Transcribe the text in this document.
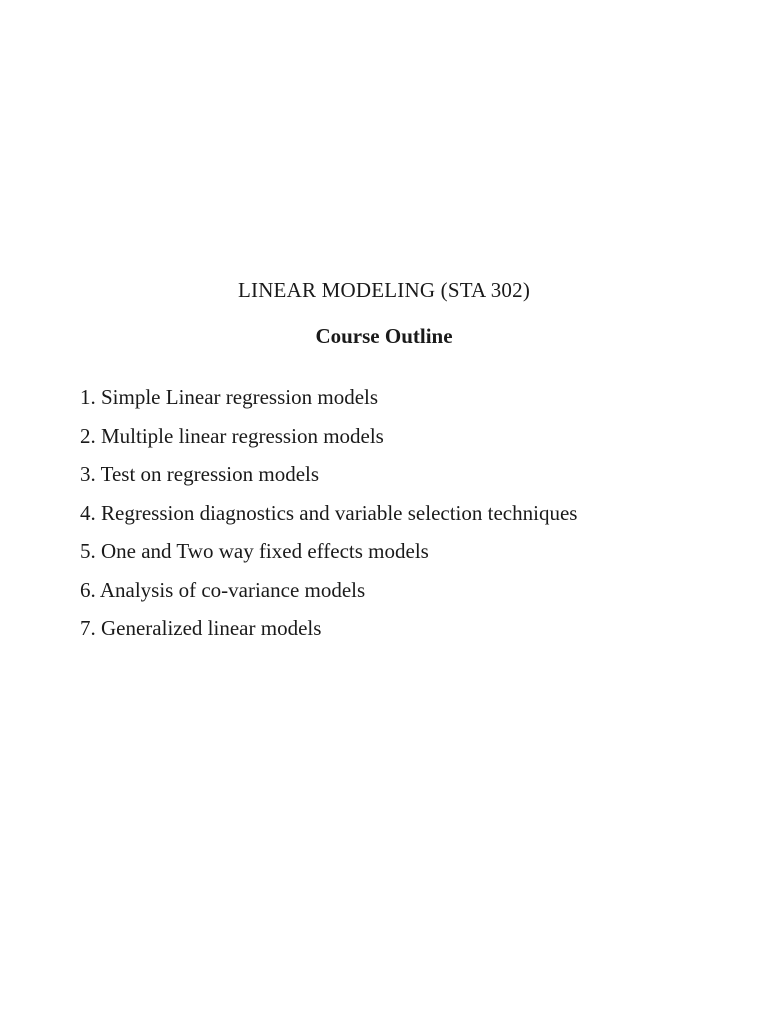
LINEAR MODELING (STA 302)
Course Outline
1. Simple Linear regression models
2. Multiple linear regression models
3. Test on regression models
4. Regression diagnostics and variable selection techniques
5. One and Two way fixed effects models
6. Analysis of co-variance models
7. Generalized linear models
